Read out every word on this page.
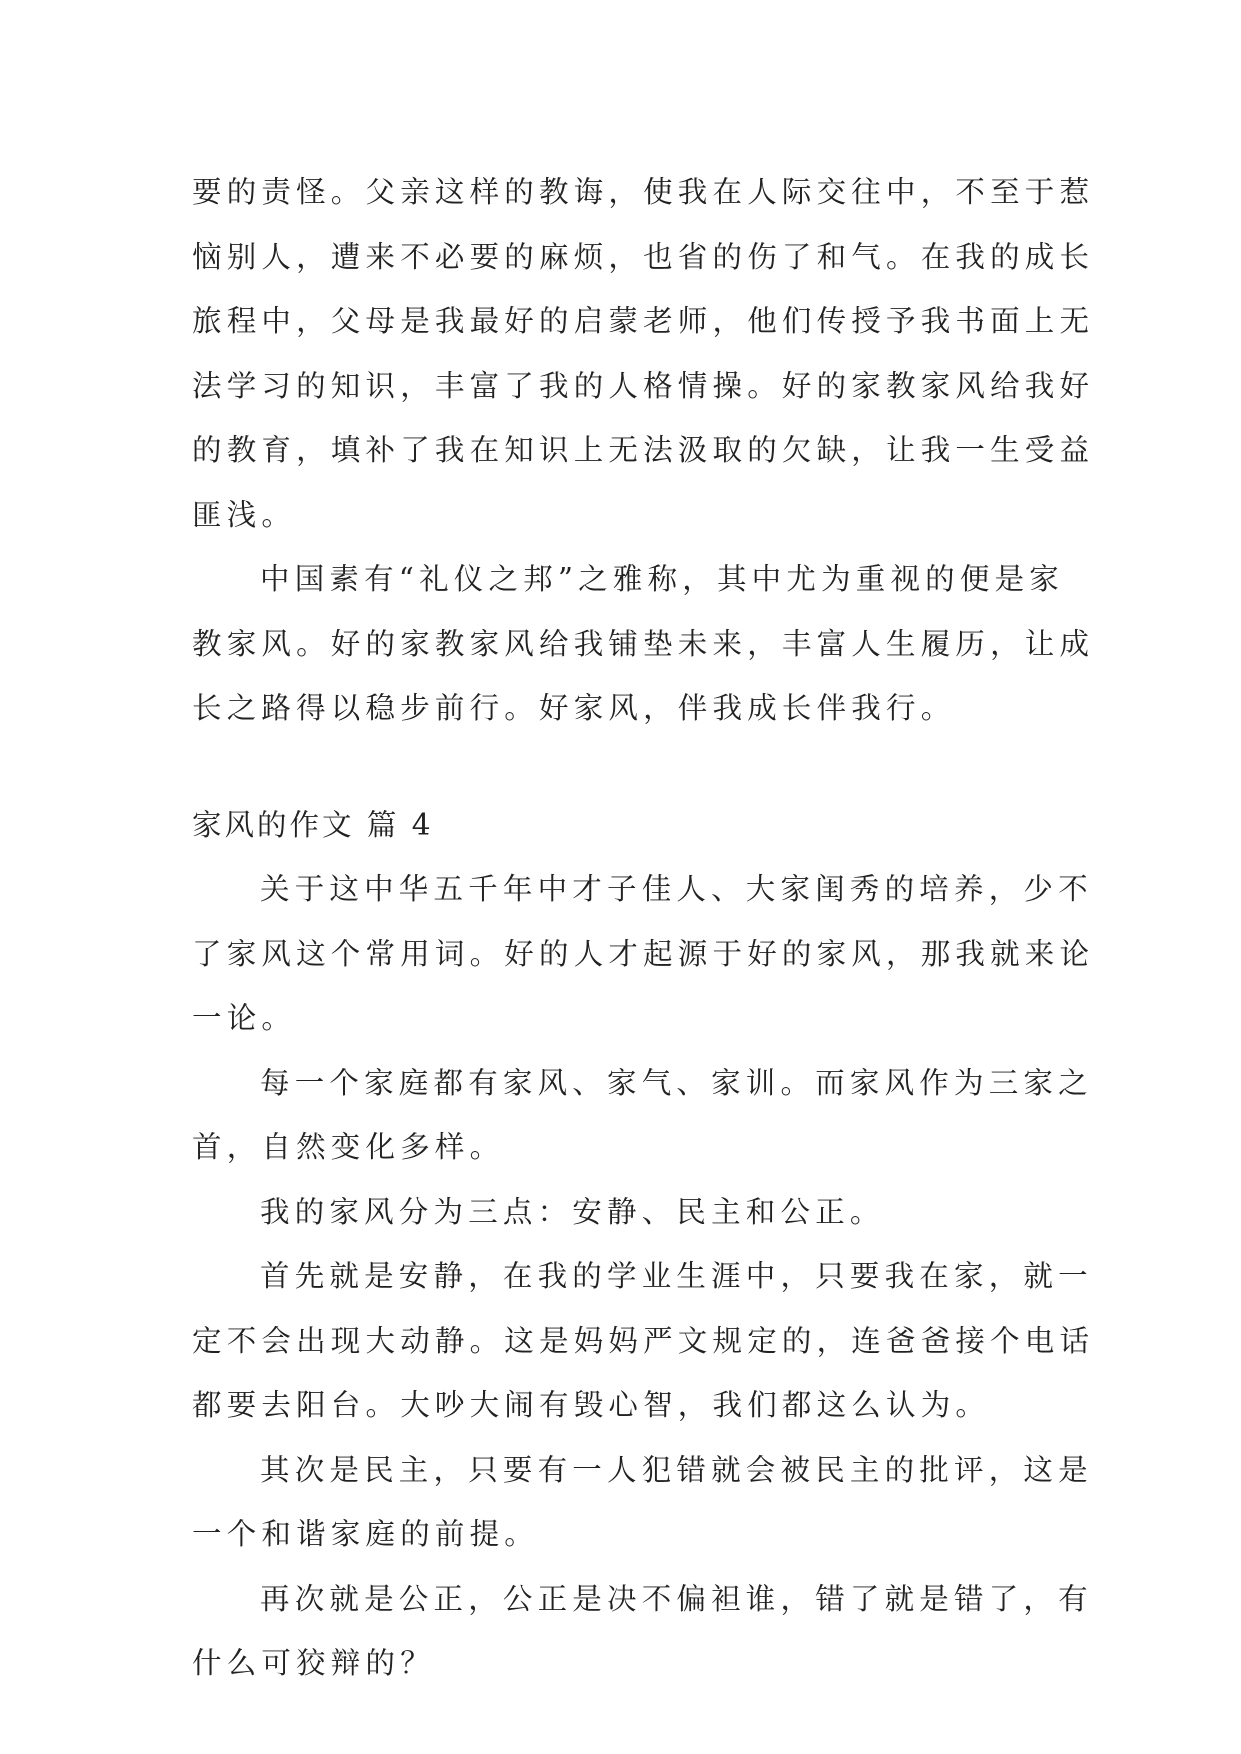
要的责怪。父亲这样的教诲，使我在人际交往中，不至于惹
恼别人，遭来不必要的麻烦，也省的伤了和气。在我的成长
旅程中，父母是我最好的启蒙老师，他们传授予我书面上无
法学习的知识，丰富了我的人格情操。好的家教家风给我好
的教育，填补了我在知识上无法汲取的欠缺，让我一生受益
匪浅。

中国素有“礼仪之邦”之雅称，其中尤为重视的便是家
教家风。好的家教家风给我铺垫未来，丰富人生履历，让成
长之路得以稳步前行。好家风，伴我成长伴我行。

家风的作文 篇 4

关于这中华五千年中才子佳人、大家闺秀的培养，少不
了家风这个常用词。好的人才起源于好的家风，那我就来论
一论。

每一个家庭都有家风、家气、家训。而家风作为三家之
首，自然变化多样。

我的家风分为三点：安静、民主和公正。

首先就是安静，在我的学业生涯中，只要我在家，就一
定不会出现大动静。这是妈妈严文规定的，连爸爸接个电话
都要去阳台。大吵大闹有毁心智，我们都这么认为。

其次是民主，只要有一人犯错就会被民主的批评，这是
一个和谐家庭的前提。

再次就是公正，公正是决不偏袒谁，错了就是错了，有
什么可狡辩的？
